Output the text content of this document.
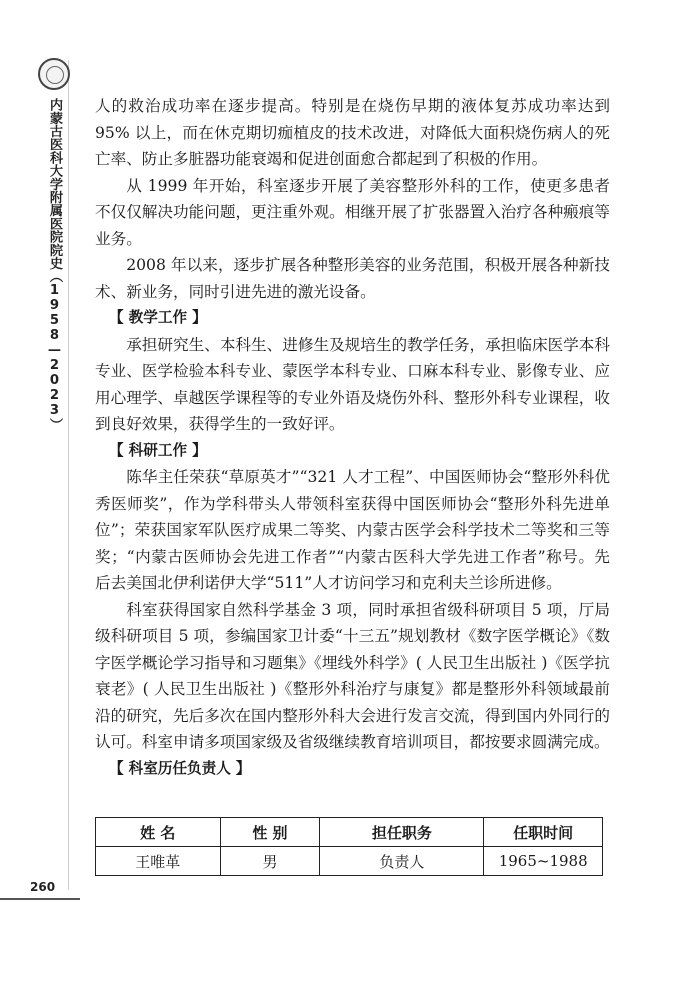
内蒙古医科大学附属医院院史（1958—2023）
260

人的救治成功率在逐步提高。特别是在烧伤早期的液体复苏成功率达到95% 以上，而在休克期切痂植皮的技术改进，对降低大面积烧伤病人的死亡率、防止多脏器功能衰竭和促进创面愈合都起到了积极的作用。

从 1999 年开始，科室逐步开展了美容整形外科的工作，使更多患者不仅仅解决功能问题，更注重外观。相继开展了扩张器置入治疗各种瘢痕等业务。

2008 年以来，逐步扩展各种整形美容的业务范围，积极开展各种新技术、新业务，同时引进先进的激光设备。

【 教学工作 】

承担研究生、本科生、进修生及规培生的教学任务，承担临床医学本科专业、医学检验本科专业、蒙医学本科专业、口麻本科专业、影像专业、应用心理学、卓越医学课程等的专业外语及烧伤外科、整形外科专业课程，收到良好效果，获得学生的一致好评。

【 科研工作 】

陈华主任荣获“草原英才”“321 人才工程”、中国医师协会“整形外科优秀医师奖”，作为学科带头人带领科室获得中国医师协会“整形外科先进单位”；荣获国家军队医疗成果二等奖、内蒙古医学会科学技术二等奖和三等奖；“内蒙古医师协会先进工作者”“内蒙古医科大学先进工作者”称号。先后去美国北伊利诺伊大学“511”人才访问学习和克利夫兰诊所进修。

科室获得国家自然科学基金 3 项，同时承担省级科研项目 5 项，厅局级科研项目 5 项，参编国家卫计委“十三五”规划教材《数字医学概论》《数字医学概论学习指导和习题集》《埋线外科学》( 人民卫生出版社 )《医学抗衰老》( 人民卫生出版社 )《整形外科治疗与康复》都是整形外科领域最前沿的研究，先后多次在国内整形外科大会进行发言交流，得到国内外同行的认可。科室申请多项国家级及省级继续教育培训项目，都按要求圆满完成。

【 科室历任负责人 】
姓 名	性 别	担任职务	任职时间
王唯革	男	负责人	1965~1988
